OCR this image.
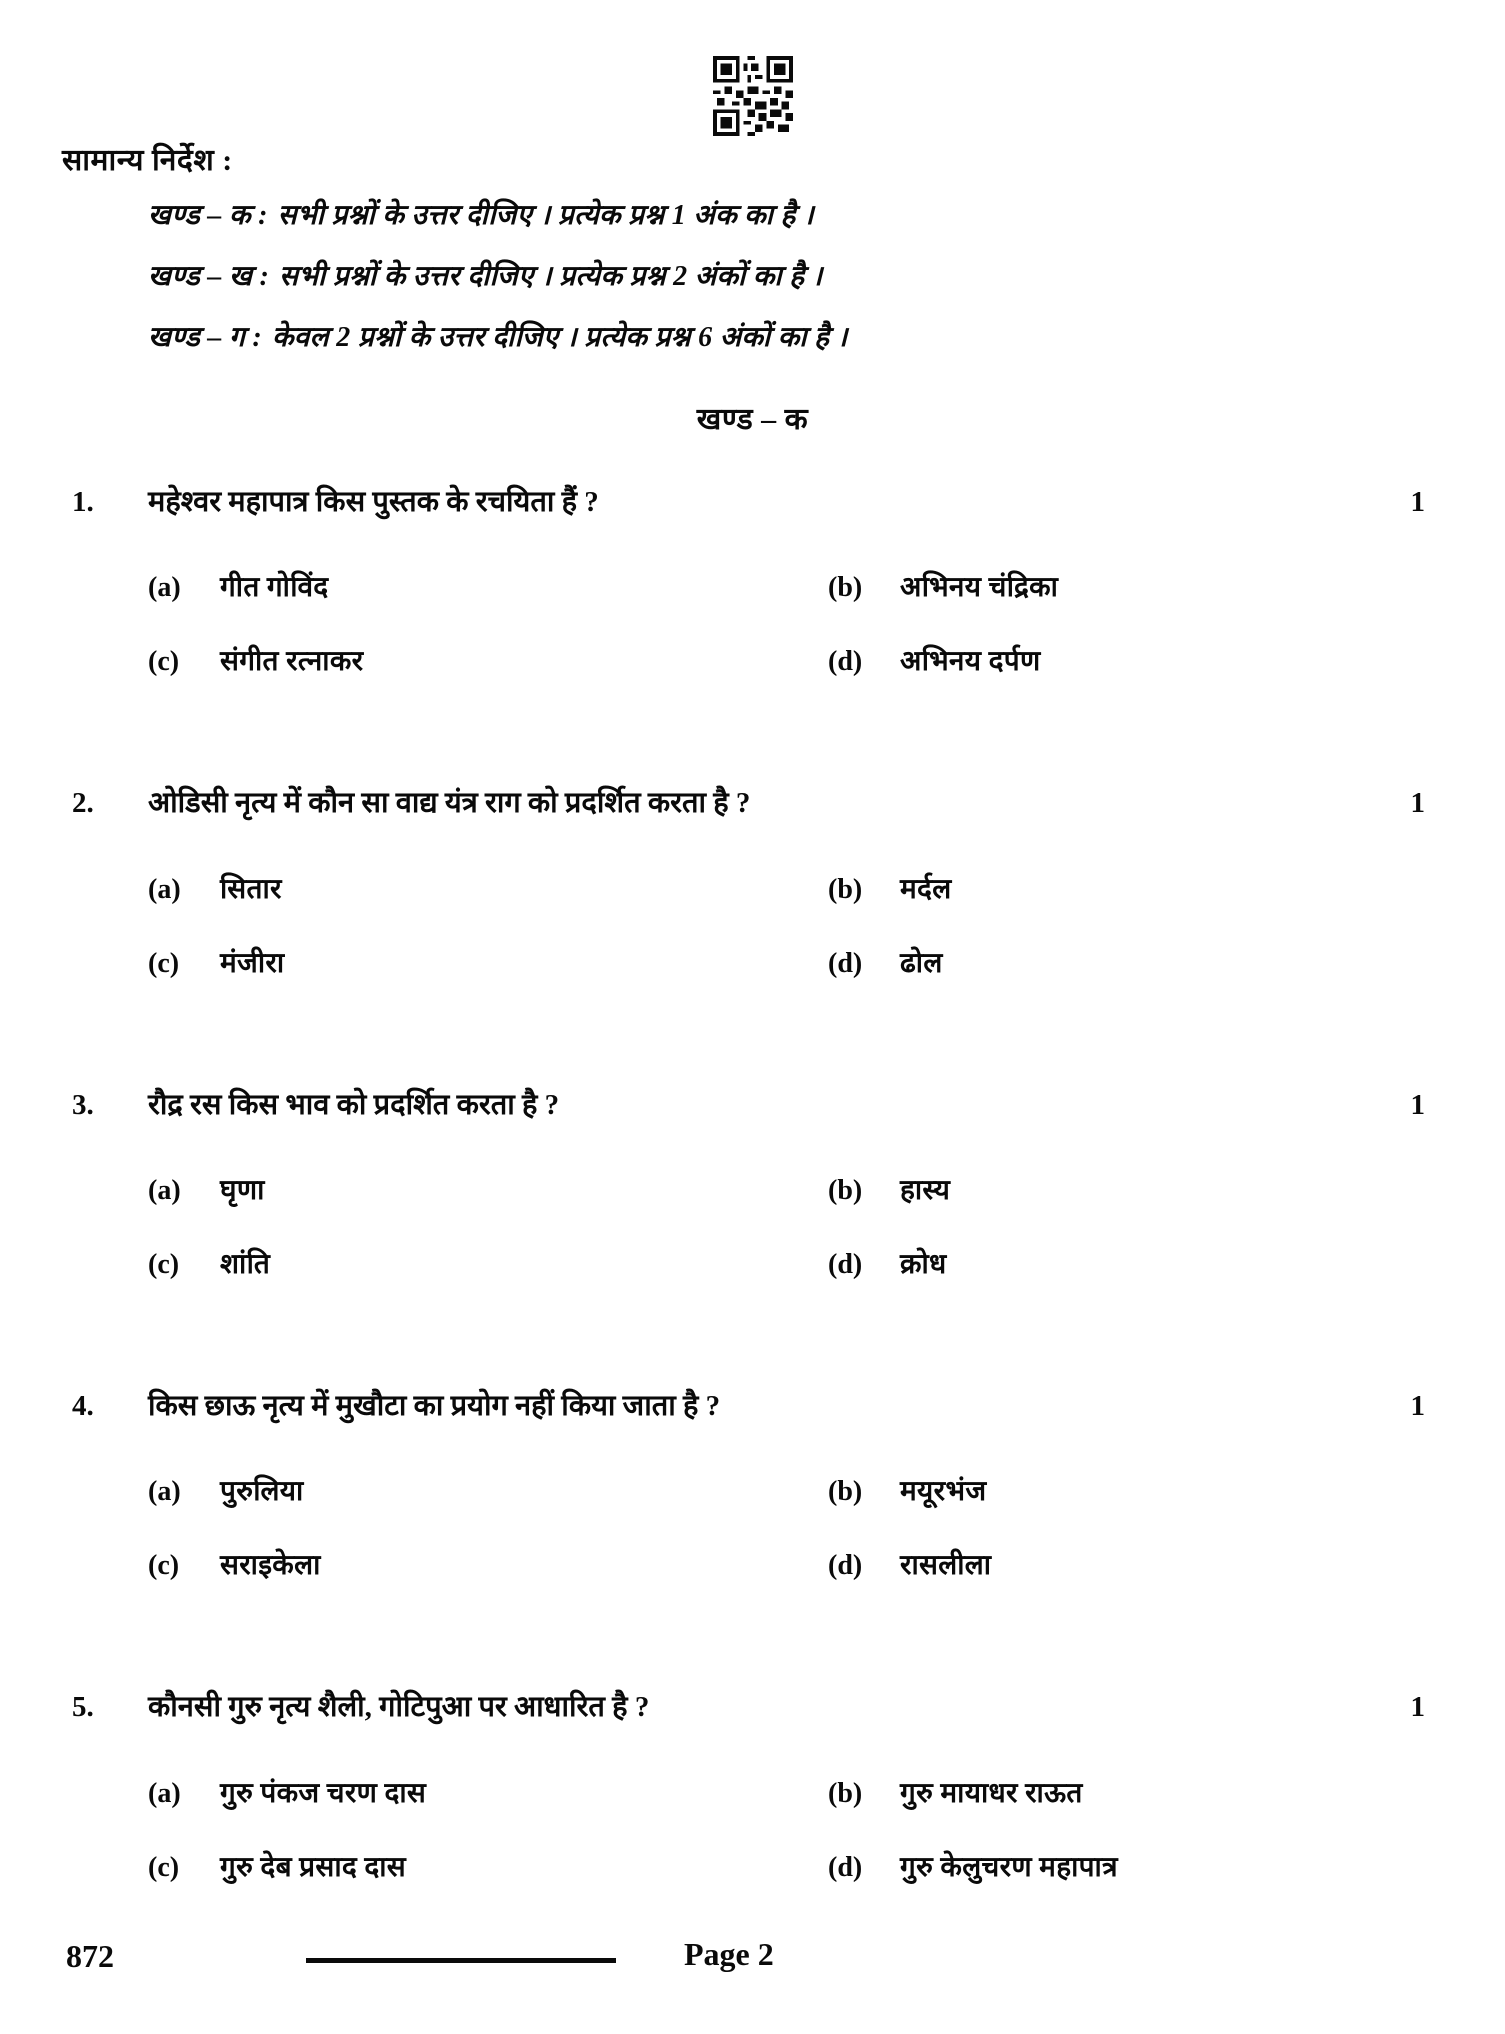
सामान्य निर्देश :
खण्ड – क : सभी प्रश्नों के उत्तर दीजिए । प्रत्येक प्रश्न 1 अंक का है ।
खण्ड – ख : सभी प्रश्नों के उत्तर दीजिए । प्रत्येक प्रश्न 2 अंकों का है ।
खण्ड – ग : केवल 2 प्रश्नों के उत्तर दीजिए । प्रत्येक प्रश्न 6 अंकों का है ।
खण्ड – क
1. महेश्वर महापात्र किस पुस्तक के रचयिता हैं ?	1
(a)	गीत गोविंद	(b)	अभिनय चंद्रिका
(c)	संगीत रत्नाकर	(d)	अभिनय दर्पण
2. ओडिसी नृत्य में कौन सा वाद्य यंत्र राग को प्रदर्शित करता है ?	1
(a)	सितार	(b)	मर्दल
(c)	मंजीरा	(d)	ढोल
3. रौद्र रस किस भाव को प्रदर्शित करता है ?	1
(a)	घृणा	(b)	हास्य
(c)	शांति	(d)	क्रोध
4. किस छाऊ नृत्य में मुखौटा का प्रयोग नहीं किया जाता है ?	1
(a)	पुरुलिया	(b)	मयूरभंज
(c)	सराइकेला	(d)	रासलीला
5. कौनसी गुरु नृत्य शैली, गोटिपुआ पर आधारित है ?	1
(a)	गुरु पंकज चरण दास	(b)	गुरु मायाधर राऊत
(c)	गुरु देब प्रसाद दास	(d)	गुरु केलुचरण महापात्र
872	Page 2
